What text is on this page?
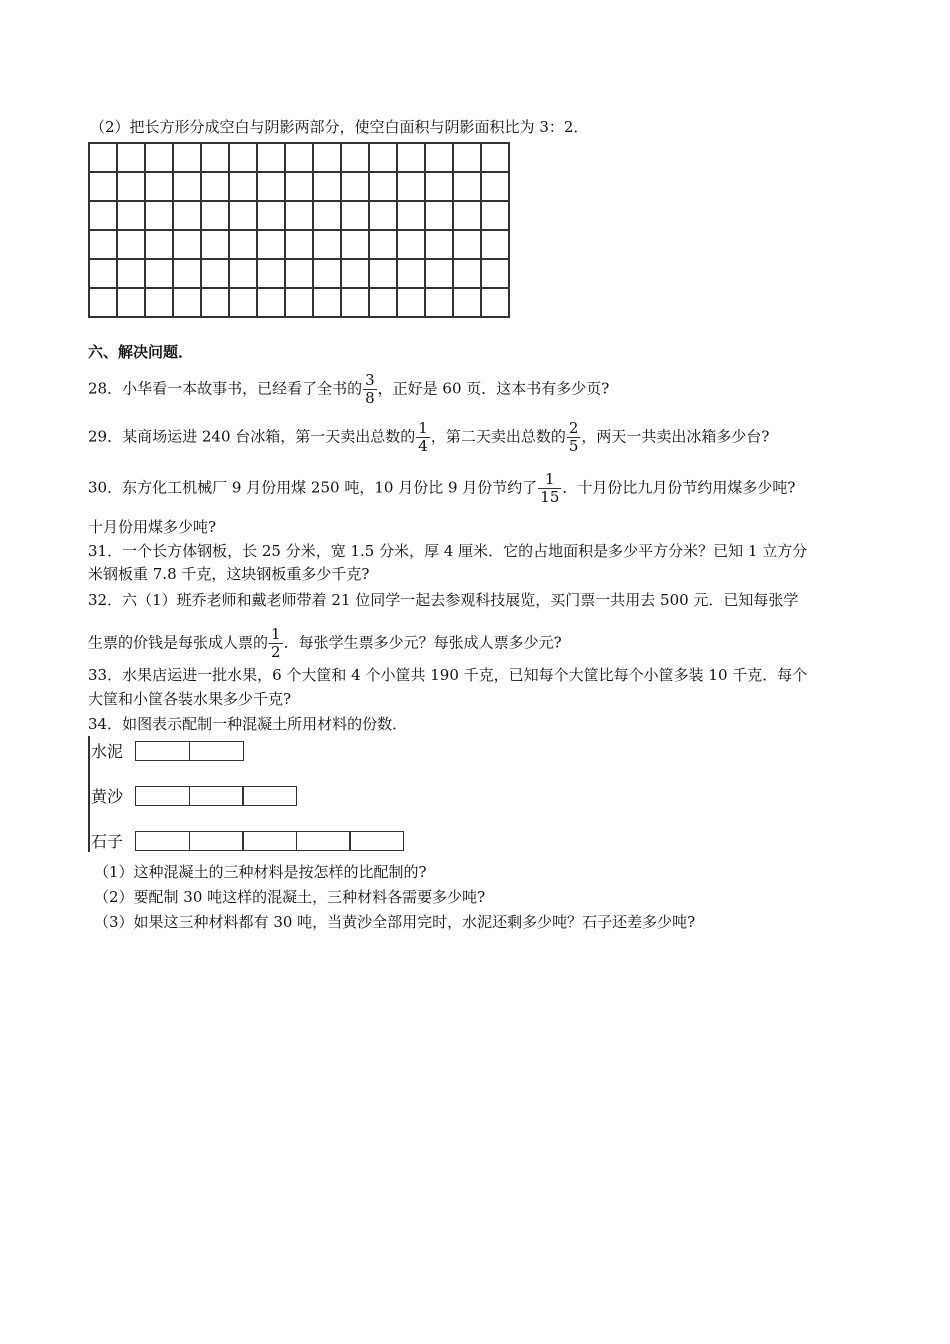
（2）把长方形分成空白与阴影两部分，使空白面积与阴影面积比为 3：2．

六、解决问题．
28．小华看一本故事书，已经看了全书的 $\frac{3}{8}$ ，正好是 60 页．这本书有多少页?
29．某商场运进 240 台冰箱，第一天卖出总数的 $\frac{1}{4}$ ，第二天卖出总数的 $\frac{2}{5}$ ，两天一共卖出冰箱多少台?
30．东方化工机械厂 9 月份用煤 250 吨，10 月份比 9 月份节约了 $\frac{1}{15}$ ．十月份比九月份节约用煤多少吨?
十月份用煤多少吨?
31．一个长方体钢板，长 25 分米，宽 1.5 分米，厚 4 厘米．它的占地面积是多少平方分米？已知 1 立方分
米钢板重 7.8 千克，这块钢板重多少千克?
32．六（1）班乔老师和戴老师带着 21 位同学一起去参观科技展览，买门票一共用去 500 元．已知每张学
生票的价钱是每张成人票的 $\frac{1}{2}$ ．每张学生票多少元？每张成人票多少元?
33．水果店运进一批水果，6 个大筐和 4 个小筐共 190 千克，已知每个大筐比每个小筐多装 10 千克．每个
大筐和小筐各装水果多少千克?
34．如图表示配制一种混凝土所用材料的份数．
水泥
黄沙
石子
（1）这种混凝土的三种材料是按怎样的比配制的?
（2）要配制 30 吨这样的混凝土，三种材料各需要多少吨?
（3）如果这三种材料都有 30 吨，当黄沙全部用完时，水泥还剩多少吨？石子还差多少吨?
